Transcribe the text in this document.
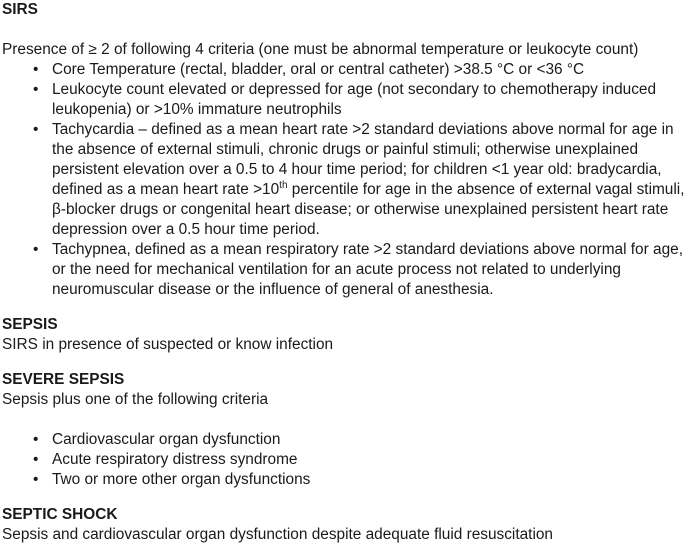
SIRS
Presence of ≥ 2 of following 4 criteria (one must be abnormal temperature or leukocyte count)
• Core Temperature (rectal, bladder, oral or central catheter) >38.5 °C or <36 °C
• Leukocyte count elevated or depressed for age (not secondary to chemotherapy induced leukopenia) or >10% immature neutrophils
• Tachycardia – defined as a mean heart rate >2 standard deviations above normal for age in the absence of external stimuli, chronic drugs or painful stimuli; otherwise unexplained persistent elevation over a 0.5 to 4 hour time period; for children <1 year old: bradycardia, defined as a mean heart rate >10th percentile for age in the absence of external vagal stimuli, β-blocker drugs or congenital heart disease; or otherwise unexplained persistent heart rate depression over a 0.5 hour time period.
• Tachypnea, defined as a mean respiratory rate >2 standard deviations above normal for age, or the need for mechanical ventilation for an acute process not related to underlying neuromuscular disease or the influence of general of anesthesia.
SEPSIS
SIRS in presence of suspected or know infection
SEVERE SEPSIS
Sepsis plus one of the following criteria
• Cardiovascular organ dysfunction
• Acute respiratory distress syndrome
• Two or more other organ dysfunctions
SEPTIC SHOCK
Sepsis and cardiovascular organ dysfunction despite adequate fluid resuscitation
